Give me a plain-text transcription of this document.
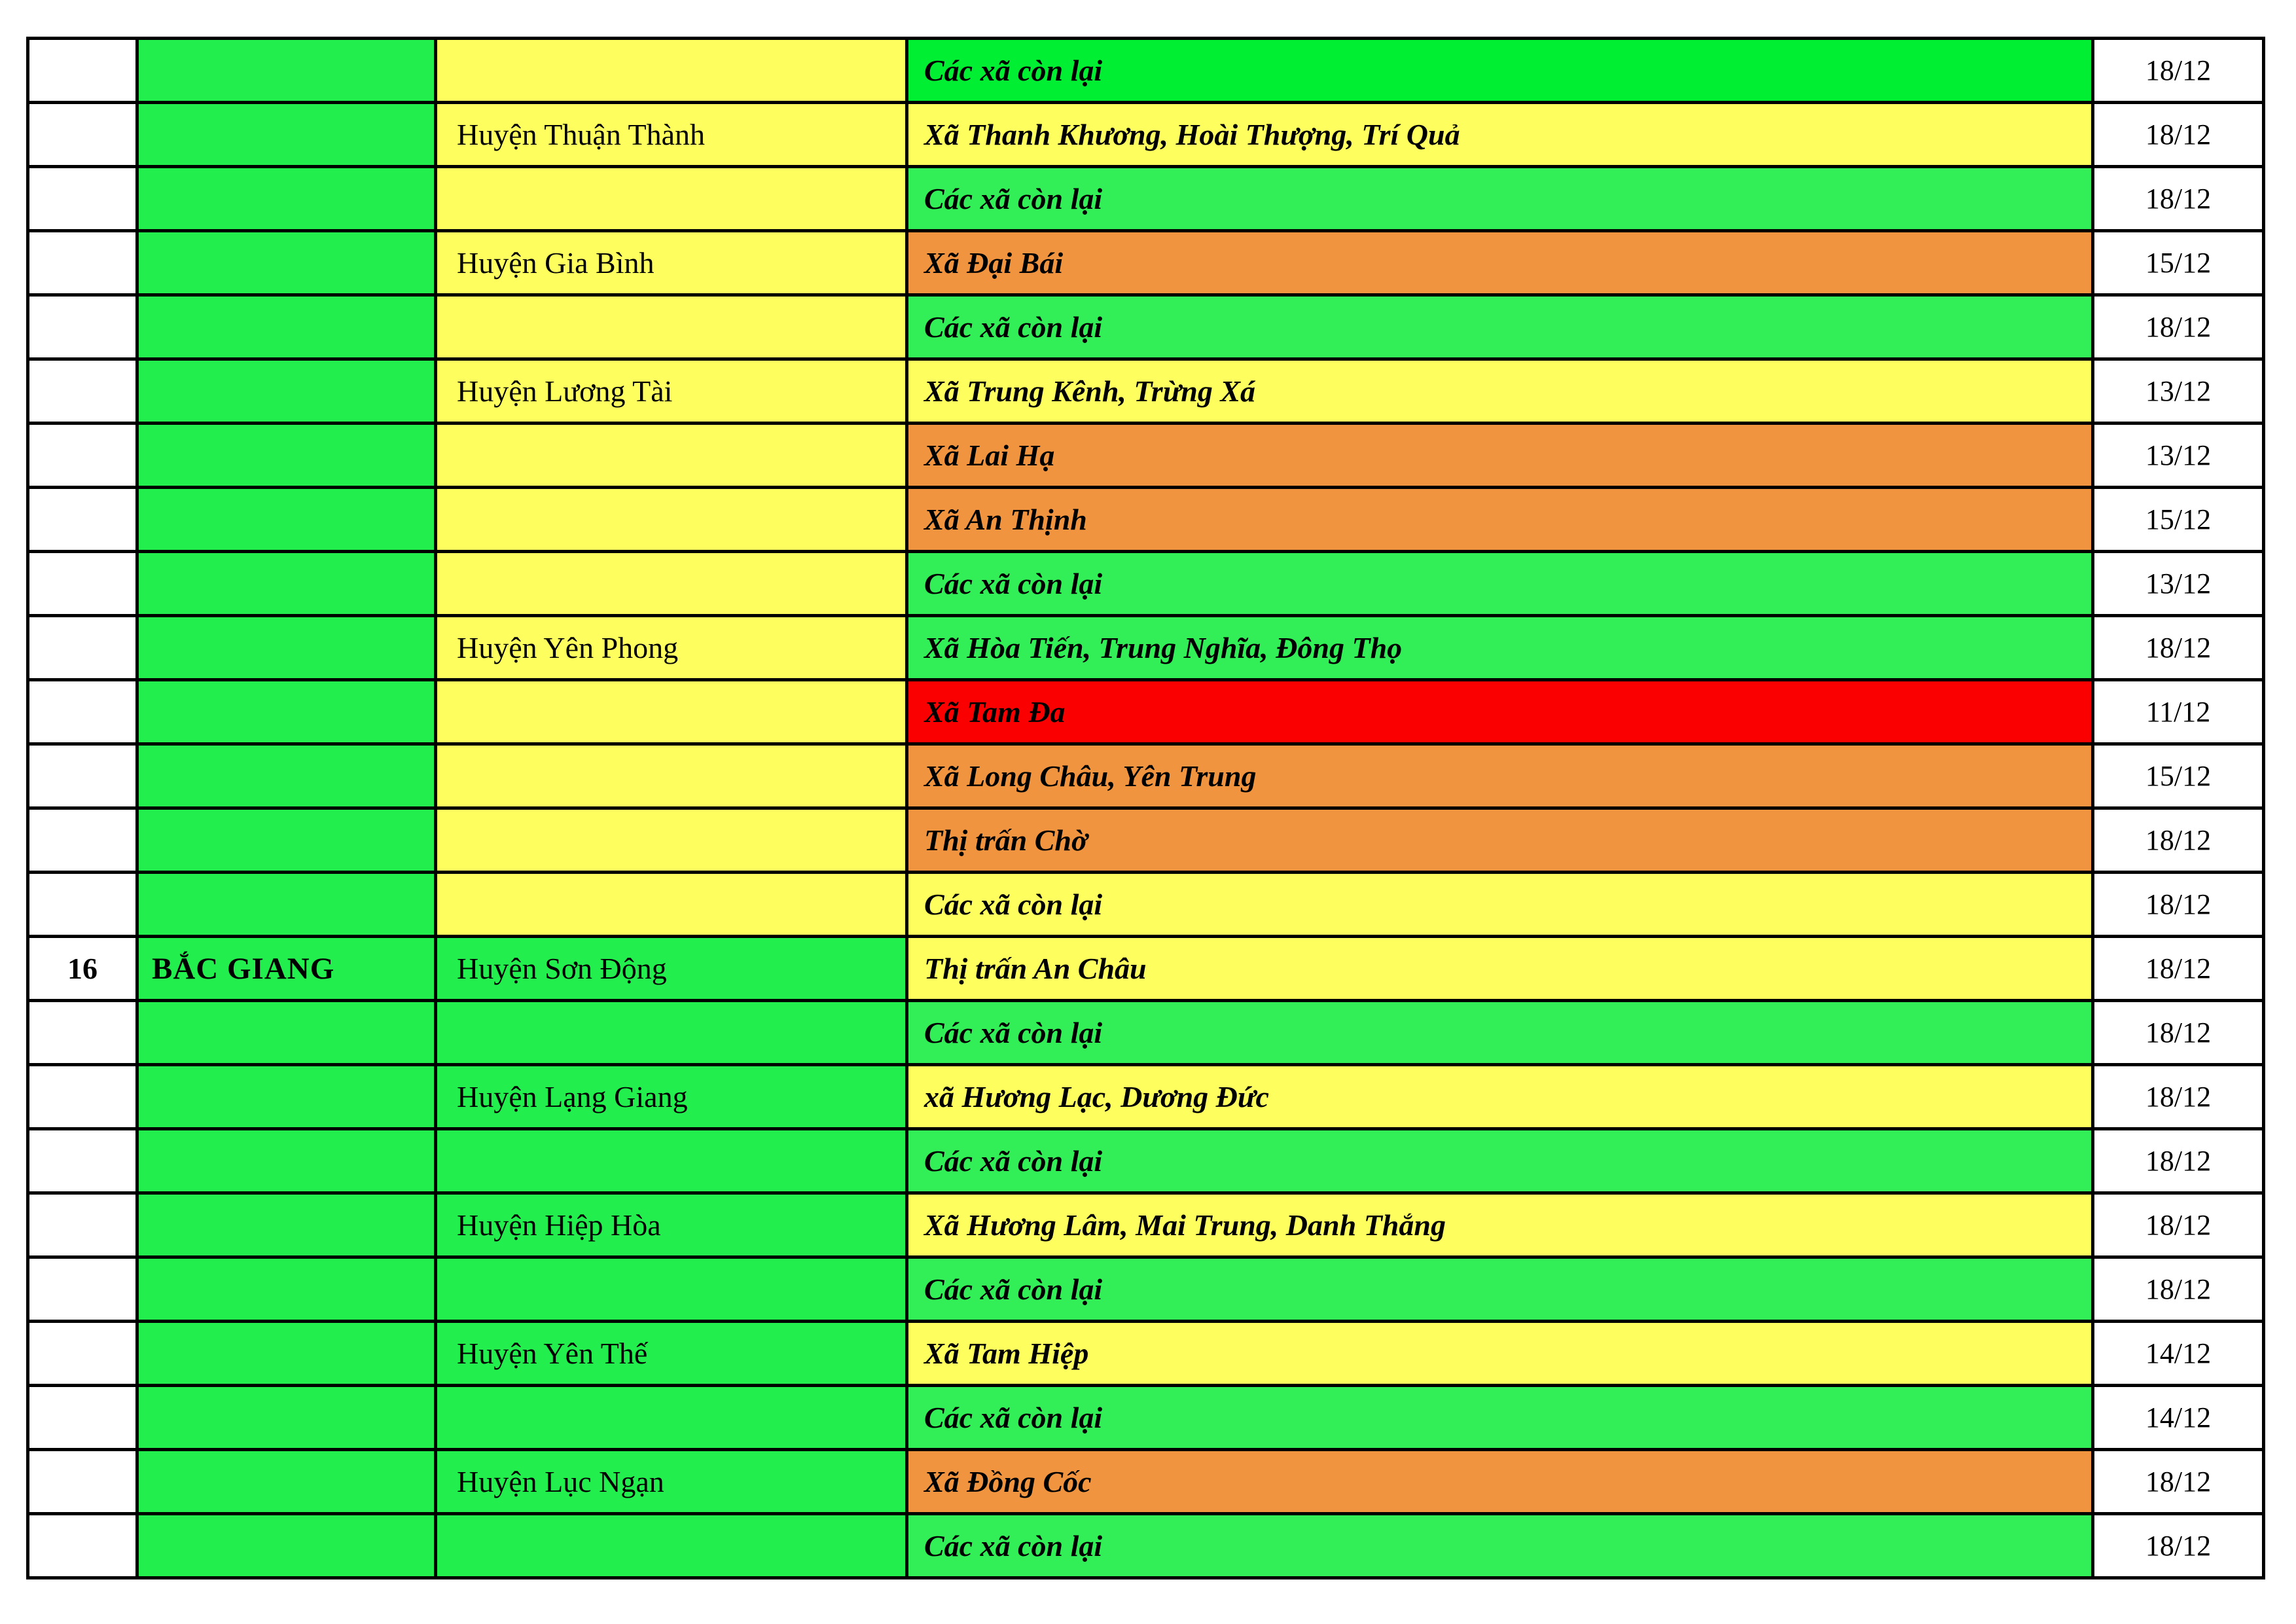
Các xã còn lại	18/12
Huyện Thuận Thành	Xã Thanh Khương, Hoài Thượng, Trí Quả	18/12
Các xã còn lại	18/12
Huyện Gia Bình	Xã Đại Bái	15/12
Các xã còn lại	18/12
Huyện Lương Tài	Xã Trung Kênh, Trừng Xá	13/12
Xã Lai Hạ	13/12
Xã An Thịnh	15/12
Các xã còn lại	13/12
Huyện Yên Phong	Xã Hòa Tiến, Trung Nghĩa, Đông Thọ	18/12
Xã Tam Đa	11/12
Xã Long Châu, Yên Trung	15/12
Thị trấn Chờ	18/12
Các xã còn lại	18/12
16	BẮC GIANG	Huyện Sơn Động	Thị trấn An Châu	18/12
Các xã còn lại	18/12
Huyện Lạng Giang	xã Hương Lạc, Dương Đức	18/12
Các xã còn lại	18/12
Huyện Hiệp Hòa	Xã Hương Lâm, Mai Trung, Danh Thắng	18/12
Các xã còn lại	18/12
Huyện Yên Thế	Xã Tam Hiệp	14/12
Các xã còn lại	14/12
Huyện Lục Ngạn	Xã Đồng Cốc	18/12
Các xã còn lại	18/12
